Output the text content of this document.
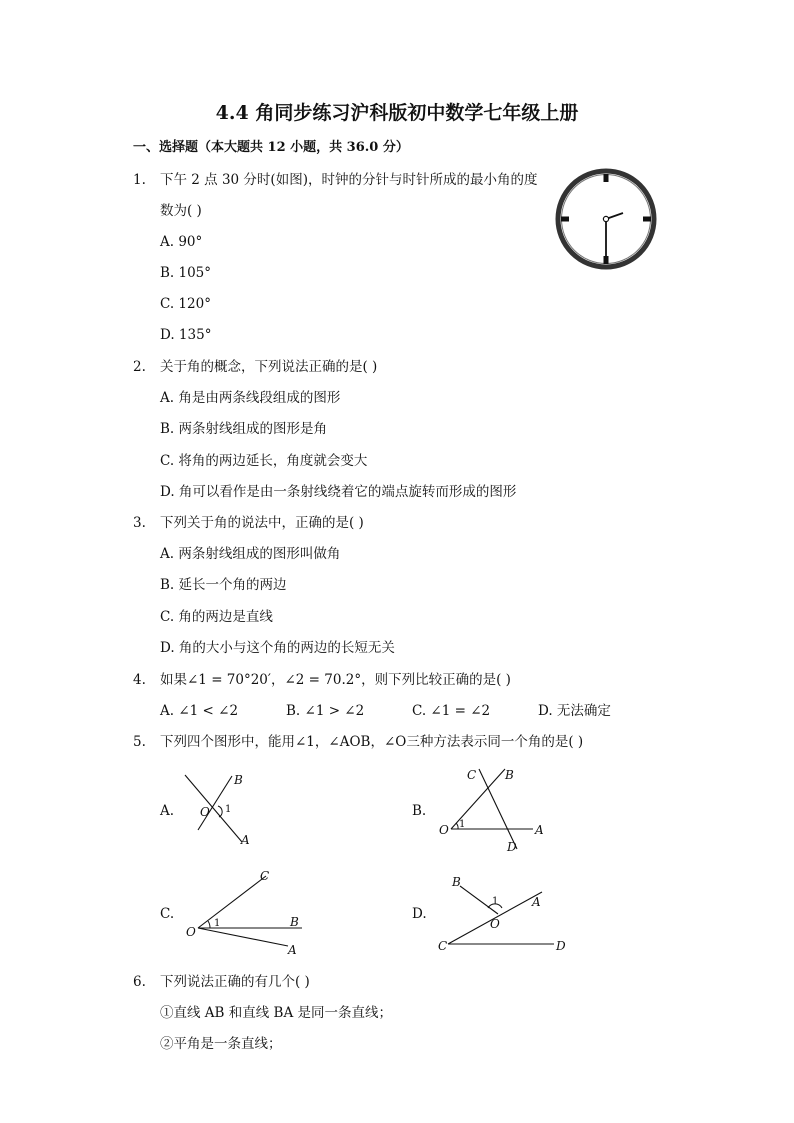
4.4 角同步练习沪科版初中数学七年级上册
一、选择题（本大题共 12 小题，共 36.0 分）
1. 下午 2 点 30 分时(如图)，时钟的分针与时针所成的最小角的度
数为( )
A. 90°
B. 105°
C. 120°
D. 135°
2. 关于角的概念，下列说法正确的是( )
A. 角是由两条线段组成的图形
B. 两条射线组成的图形是角
C. 将角的两边延长，角度就会变大
D. 角可以看作是由一条射线绕着它的端点旋转而形成的图形
3. 下列关于角的说法中，正确的是( )
A. 两条射线组成的图形叫做角
B. 延长一个角的两边
C. 角的两边是直线
D. 角的大小与这个角的两边的长短无关
4. 如果∠1 = 70°20′，∠2 = 70.2°，则下列比较正确的是( )
A. ∠1 < ∠2	B. ∠1 > ∠2	C. ∠1 = ∠2	D. 无法确定
5. 下列四个图形中，能用∠1，∠AOB，∠O三种方法表示同一个角的是( )
A.	B.
C.	D.
O
B
A
1
C B
O	A
D
1
C
B
O
A
1
B
A
O
C	D
1
6. 下列说法正确的有几个( )
①直线 AB 和直线 BA 是同一条直线；
②平角是一条直线；
